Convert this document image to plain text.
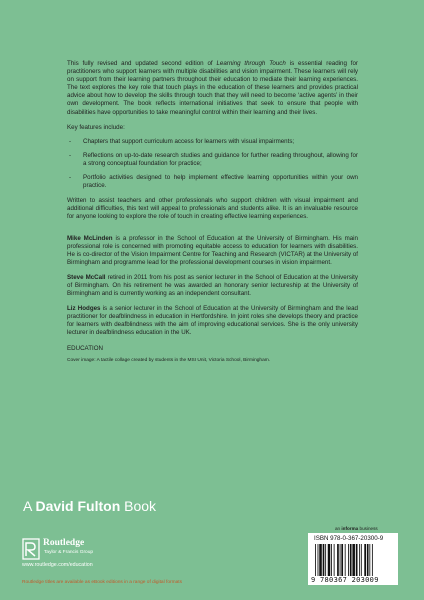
This fully revised and updated second edition of Learning through Touch is essential reading for practitioners who support learners with multiple disabilities and vision impairment. These learners will rely on support from their learning partners throughout their education to mediate their learning experiences. The text explores the key role that touch plays in the education of these learners and provides practical advice about how to develop the skills through touch that they will need to become ‘active agents’ in their own development. The book reflects international initiatives that seek to ensure that people with disabilities have opportunities to take meaningful control within their learning and their lives.

Key features include:

- Chapters that support curriculum access for learners with visual impairments;
- Reflections on up-to-date research studies and guidance for further reading throughout, allowing for a strong conceptual foundation for practice;
- Portfolio activities designed to help implement effective learning opportunities within your own practice.

Written to assist teachers and other professionals who support children with visual impairment and additional difficulties, this text will appeal to professionals and students alike. It is an invaluable resource for anyone looking to explore the role of touch in creating effective learning experiences.

Mike McLinden is a professor in the School of Education at the University of Birmingham. His main professional role is concerned with promoting equitable access to education for learners with disabilities. He is co-director of the Vision Impairment Centre for Teaching and Research (VICTAR) at the University of Birmingham and programme lead for the professional development courses in vision impairment.

Steve McCall retired in 2011 from his post as senior lecturer in the School of Education at the University of Birmingham. On his retirement he was awarded an honorary senior lectureship at the University of Birmingham and is currently working as an independent consultant.

Liz Hodges is a senior lecturer in the School of Education at the University of Birmingham and the lead practitioner for deafblindness in education in Hertfordshire. In joint roles she develops theory and practice for learners with deafblindness with the aim of improving educational services. She is the only university lecturer in deafblindness education in the UK.

EDUCATION
Cover image: A tactile collage created by students in the MSI Unit, Victoria School, Birmingham.
A David Fulton Book
Routledge
Taylor & Francis Group
www.routledge.com/education
Routledge titles are available as eBook editions in a range of digital formats
an informa business
ISBN 978-0-367-20300-9
9 780367 203009
